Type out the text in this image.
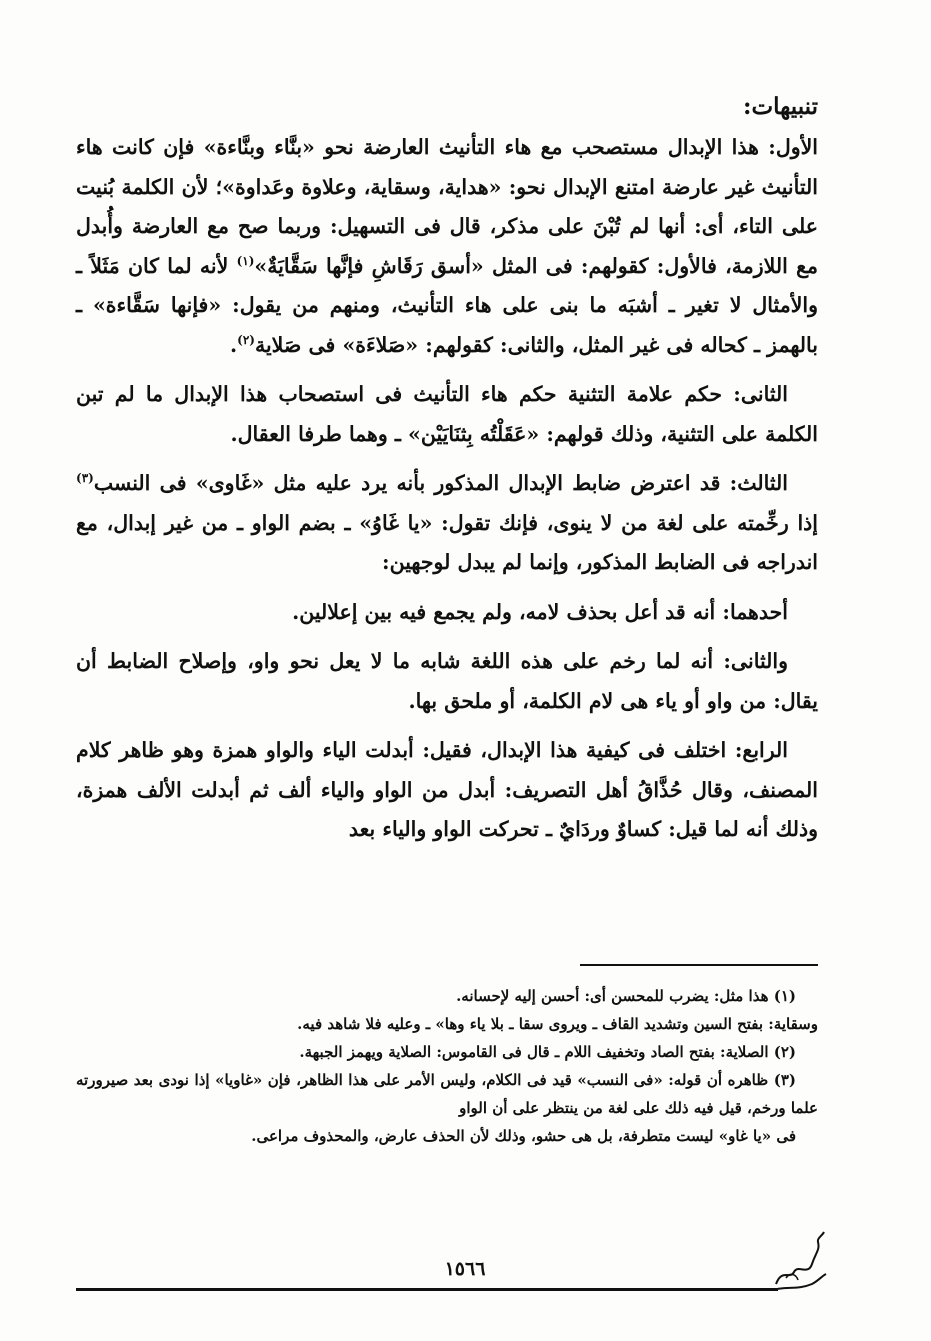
تنبيهات:

الأول: هذا الإبدال مستصحب مع هاء التأنيث العارضة نحو «بنَّاء وبنَّاءة» فإن كانت هاء التأنيث غير عارضة امتنع الإبدال نحو: «هداية، وسقاية، وعلاوة وعَداوة»؛ لأن الكلمة بُنيت على التاء، أى: أنها لم تُبْنَ على مذكر، قال فى التسهيل: وربما صح مع العارضة وأُبدل مع اللازمة، فالأول: كقولهم: فى المثل «أسق رَقَاشِ فإنَّها سَقَّايَةٌ»$^{(١)}$ لأنه لما كان مَثَلاً ـ والأمثال لا تغير ـ أشبَه ما بنى على هاء التأنيث، ومنهم من يقول: «فإنها سَقَّاءة» ـ بالهمز ـ كحاله فى غير المثل، والثانى: كقولهم: «صَلاءَة» فى صَلاية$^{(٢)}$.

الثانى: حكم علامة التثنية حكم هاء التأنيث فى استصحاب هذا الإبدال ما لم تبن الكلمة على التثنية، وذلك قولهم: «عَقَلْتُه بِثنَايَيْن» ـ وهما طرفا العقال.

الثالث: قد اعترض ضابط الإبدال المذكور بأنه يرد عليه مثل «غَاوى» فى النسب$^{(٣)}$ إذا رخِّمته على لغة من لا ينوى، فإنك تقول: «يا غَاوُ» ـ بضم الواو ـ من غير إبدال، مع اندراجه فى الضابط المذكور، وإنما لم يبدل لوجهين:

أحدهما: أنه قد أعل بحذف لامه، ولم يجمع فيه بين إعلالين.

والثانى: أنه لما رخم على هذه اللغة شابه ما لا يعل نحو واو، وإصلاح الضابط أن يقال: من واو أو ياء هى لام الكلمة، أو ملحق بها.

الرابع: اختلف فى كيفية هذا الإبدال، فقيل: أبدلت الياء والواو همزة وهو ظاهر كلام المصنف، وقال حُذَّاقُ أهل التصريف: أبدل من الواو والياء ألف ثم أبدلت الألف همزة، وذلك أنه لما قيل: كساوٌ وردَايٌ ـ تحركت الواو والياء بعد

(١) هذا مثل: يضرب للمحسن أى: أحسن إليه لإحسانه.

وسقاية: بفتح السين وتشديد القاف ـ ويروى سقا ـ بلا ياء وها» ـ وعليه فلا شاهد فيه.

(٢) الصلاية: بفتح الصاد وتخفيف اللام ـ قال فى القاموس: الصلاية ويهمز الجبهة.

(٣) ظاهره أن قوله: «فى النسب» قيد فى الكلام، وليس الأمر على هذا الظاهر، فإن «غاويا» إذا نودى بعد صيرورته علما ورخم، قيل فيه ذلك على لغة من ينتظر على أن الواو

فى «يا غاو» ليست متطرفة، بل هى حشو، وذلك لأن الحذف عارض، والمحذوف مراعى.

١٥٦٦
